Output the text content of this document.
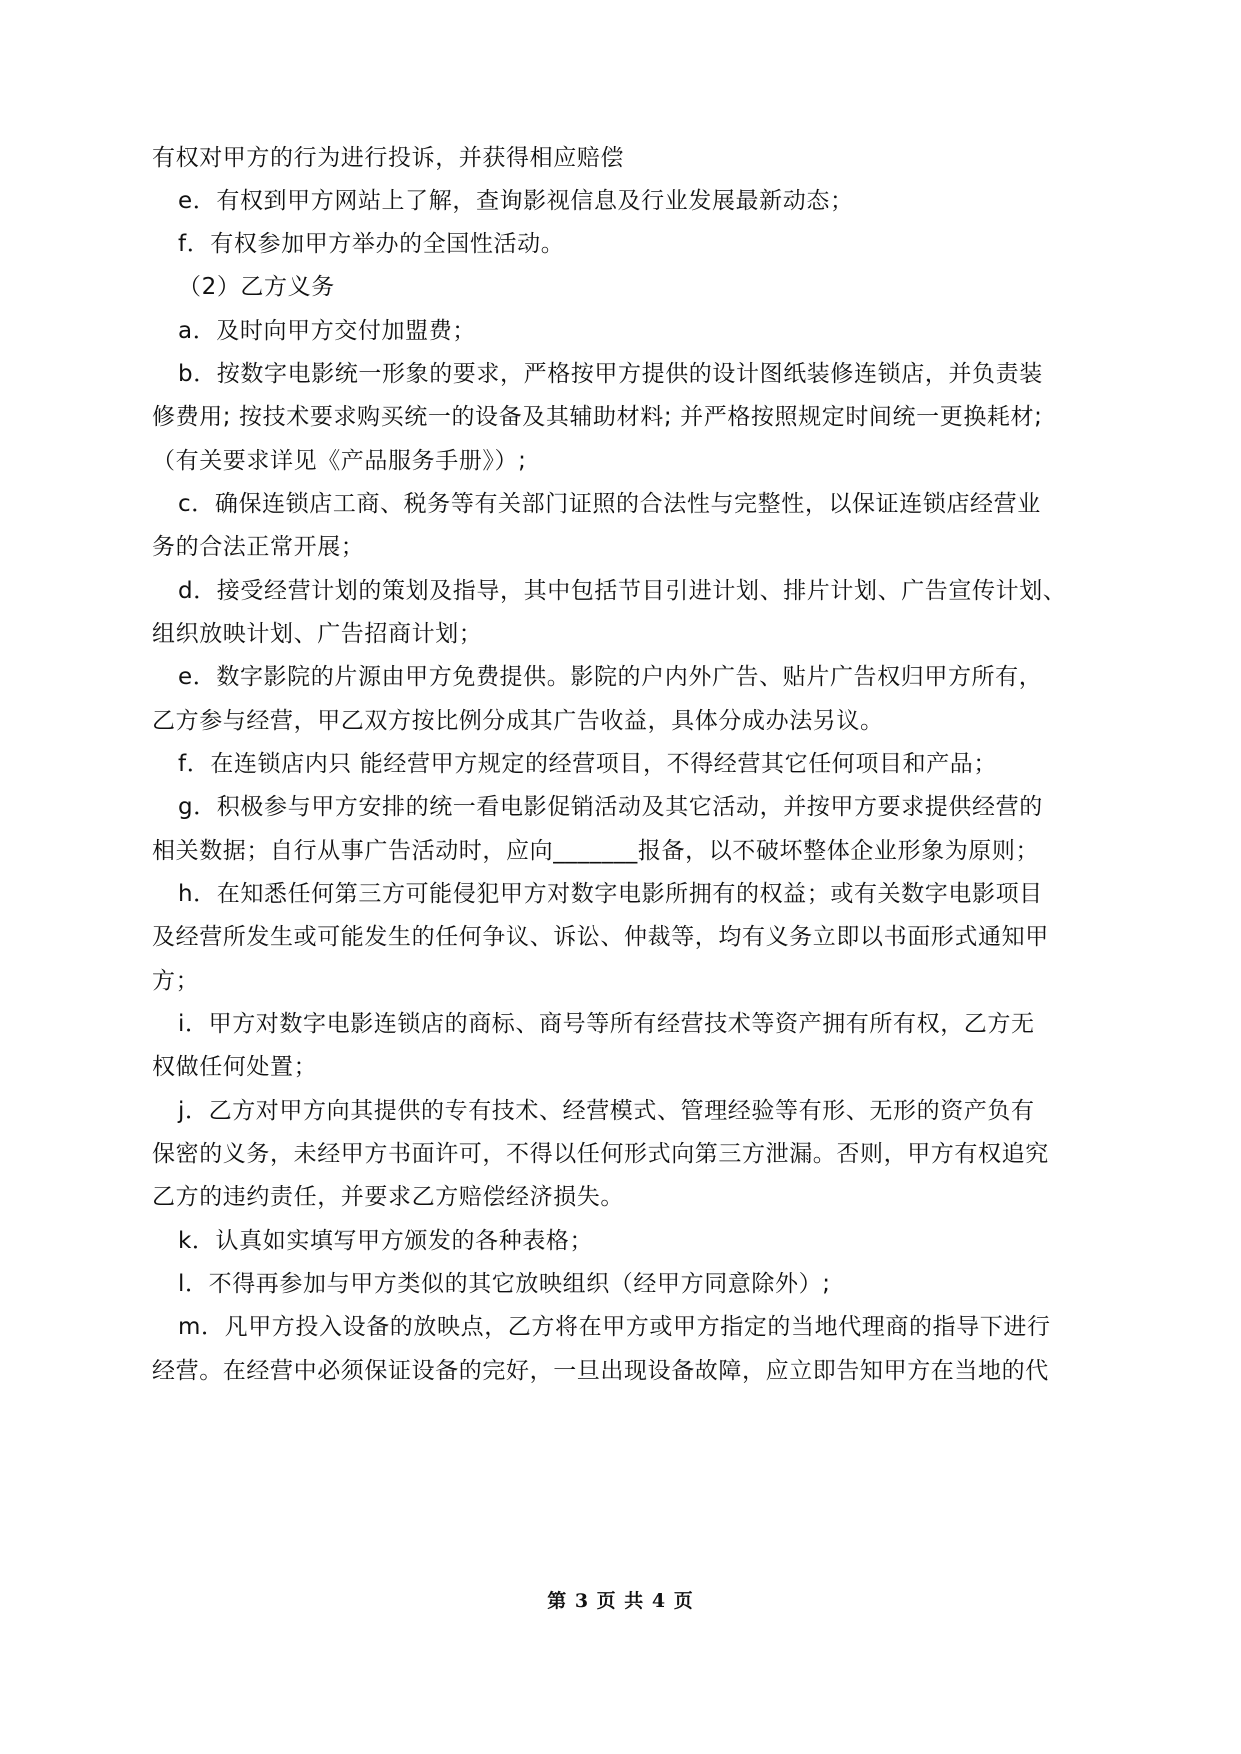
有权对甲方的行为进行投诉，并获得相应赔偿
e．有权到甲方网站上了解，查询影视信息及行业发展最新动态；
f．有权参加甲方举办的全国性活动。
（2）乙方义务
a．及时向甲方交付加盟费；
b．按数字电影统一形象的要求，严格按甲方提供的设计图纸装修连锁店，并负责装
修费用; 按技术要求购买统一的设备及其辅助材料; 并严格按照规定时间统一更换耗材;
（有关要求详见《产品服务手册》）;
c．确保连锁店工商、税务等有关部门证照的合法性与完整性，以保证连锁店经营业
务的合法正常开展；
d．接受经营计划的策划及指导，其中包括节目引进计划、排片计划、广告宣传计划、
组织放映计划、广告招商计划；
e．数字影院的片源由甲方免费提供。影院的户内外广告、贴片广告权归甲方所有，
乙方参与经营，甲乙双方按比例分成其广告收益，具体分成办法另议。
f．在连锁店内只 能经营甲方规定的经营项目，不得经营其它任何项目和产品；
g．积极参与甲方安排的统一看电影促销活动及其它活动，并按甲方要求提供经营的
相关数据；自行从事广告活动时，应向_______报备，以不破坏整体企业形象为原则；
h．在知悉任何第三方可能侵犯甲方对数字电影所拥有的权益；或有关数字电影项目
及经营所发生或可能发生的任何争议、诉讼、仲裁等，均有义务立即以书面形式通知甲
方；
i．甲方对数字电影连锁店的商标、商号等所有经营技术等资产拥有所有权，乙方无
权做任何处置；
j．乙方对甲方向其提供的专有技术、经营模式、管理经验等有形、无形的资产负有
保密的义务，未经甲方书面许可，不得以任何形式向第三方泄漏。否则，甲方有权追究
乙方的违约责任，并要求乙方赔偿经济损失。
k．认真如实填写甲方颁发的各种表格；
l．不得再参加与甲方类似的其它放映组织（经甲方同意除外）;
m．凡甲方投入设备的放映点，乙方将在甲方或甲方指定的当地代理商的指导下进行
经营。在经营中必须保证设备的完好，一旦出现设备故障，应立即告知甲方在当地的代
第 3 页 共 4 页
